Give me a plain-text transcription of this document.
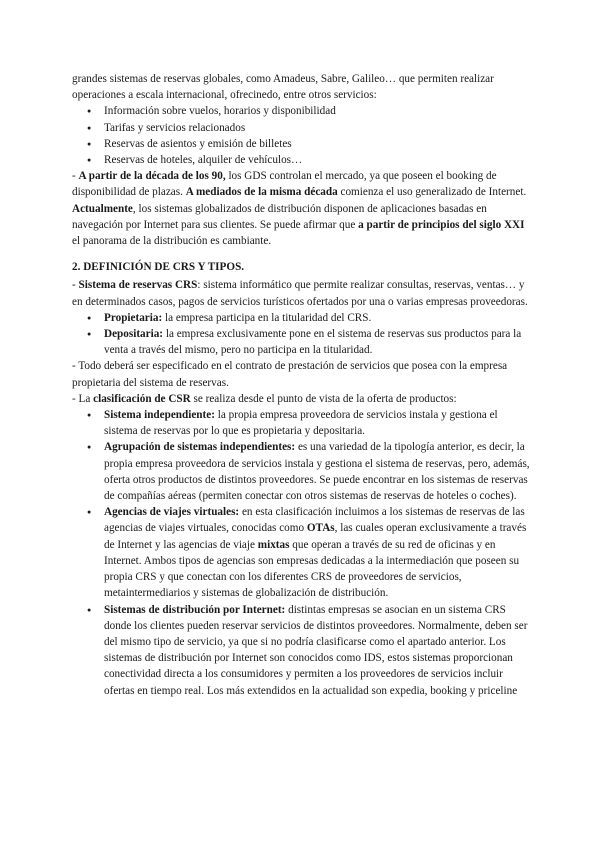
grandes sistemas de reservas globales, como Amadeus, Sabre, Galileo… que permiten realizar operaciones a escala internacional, ofrecinedo, entre otros servicios:

● Información sobre vuelos, horarios y disponibilidad
● Tarifas y servicios relacionados
● Reservas de asientos y emisión de billetes
● Reservas de hoteles, alquiler de vehículos…

- A partir de la década de los 90, los GDS controlan el mercado, ya que poseen el booking de disponibilidad de plazas. A mediados de la misma década comienza el uso generalizado de Internet. Actualmente, los sistemas globalizados de distribución disponen de aplicaciones basadas en navegación por Internet para sus clientes. Se puede afirmar que a partir de principios del siglo XXI el panorama de la distribución es cambiante.

2. DEFINICIÓN DE CRS Y TIPOS.

- Sistema de reservas CRS: sistema informático que permite realizar consultas, reservas, ventas… y en determinados casos, pagos de servicios turísticos ofertados por una o varias empresas proveedoras.

● Propietaria: la empresa participa en la titularidad del CRS.
● Depositaria: la empresa exclusivamente pone en el sistema de reservas sus productos para la venta a través del mismo, pero no participa en la titularidad.

- Todo deberá ser especificado en el contrato de prestación de servicios que posea con la empresa propietaria del sistema de reservas.

- La clasificación de CSR se realiza desde el punto de vista de la oferta de productos:

● Sistema independiente: la propia empresa proveedora de servicios instala y gestiona el sistema de reservas por lo que es propietaria y depositaria.
● Agrupación de sistemas independientes: es una variedad de la tipología anterior, es decir, la propia empresa proveedora de servicios instala y gestiona el sistema de reservas, pero, además, oferta otros productos de distintos proveedores. Se puede encontrar en los sistemas de reservas de compañías aéreas (permiten conectar con otros sistemas de reservas de hoteles o coches).
● Agencias de viajes virtuales: en esta clasificación incluimos a los sistemas de reservas de las agencias de viajes virtuales, conocidas como OTAs, las cuales operan exclusivamente a través de Internet y las agencias de viaje mixtas que operan a través de su red de oficinas y en Internet. Ambos tipos de agencias son empresas dedicadas a la intermediación que poseen su propia CRS y que conectan con los diferentes CRS de proveedores de servicios, metaintermediarios y sistemas de globalización de distribución.
● Sistemas de distribución por Internet: distintas empresas se asocian en un sistema CRS donde los clientes pueden reservar servicios de distintos proveedores. Normalmente, deben ser del mismo tipo de servicio, ya que si no podría clasificarse como el apartado anterior. Los sistemas de distribución por Internet son conocidos como IDS, estos sistemas proporcionan conectividad directa a los consumidores y permiten a los proveedores de servicios incluir ofertas en tiempo real. Los más extendidos en la actualidad son expedia, booking y priceline
